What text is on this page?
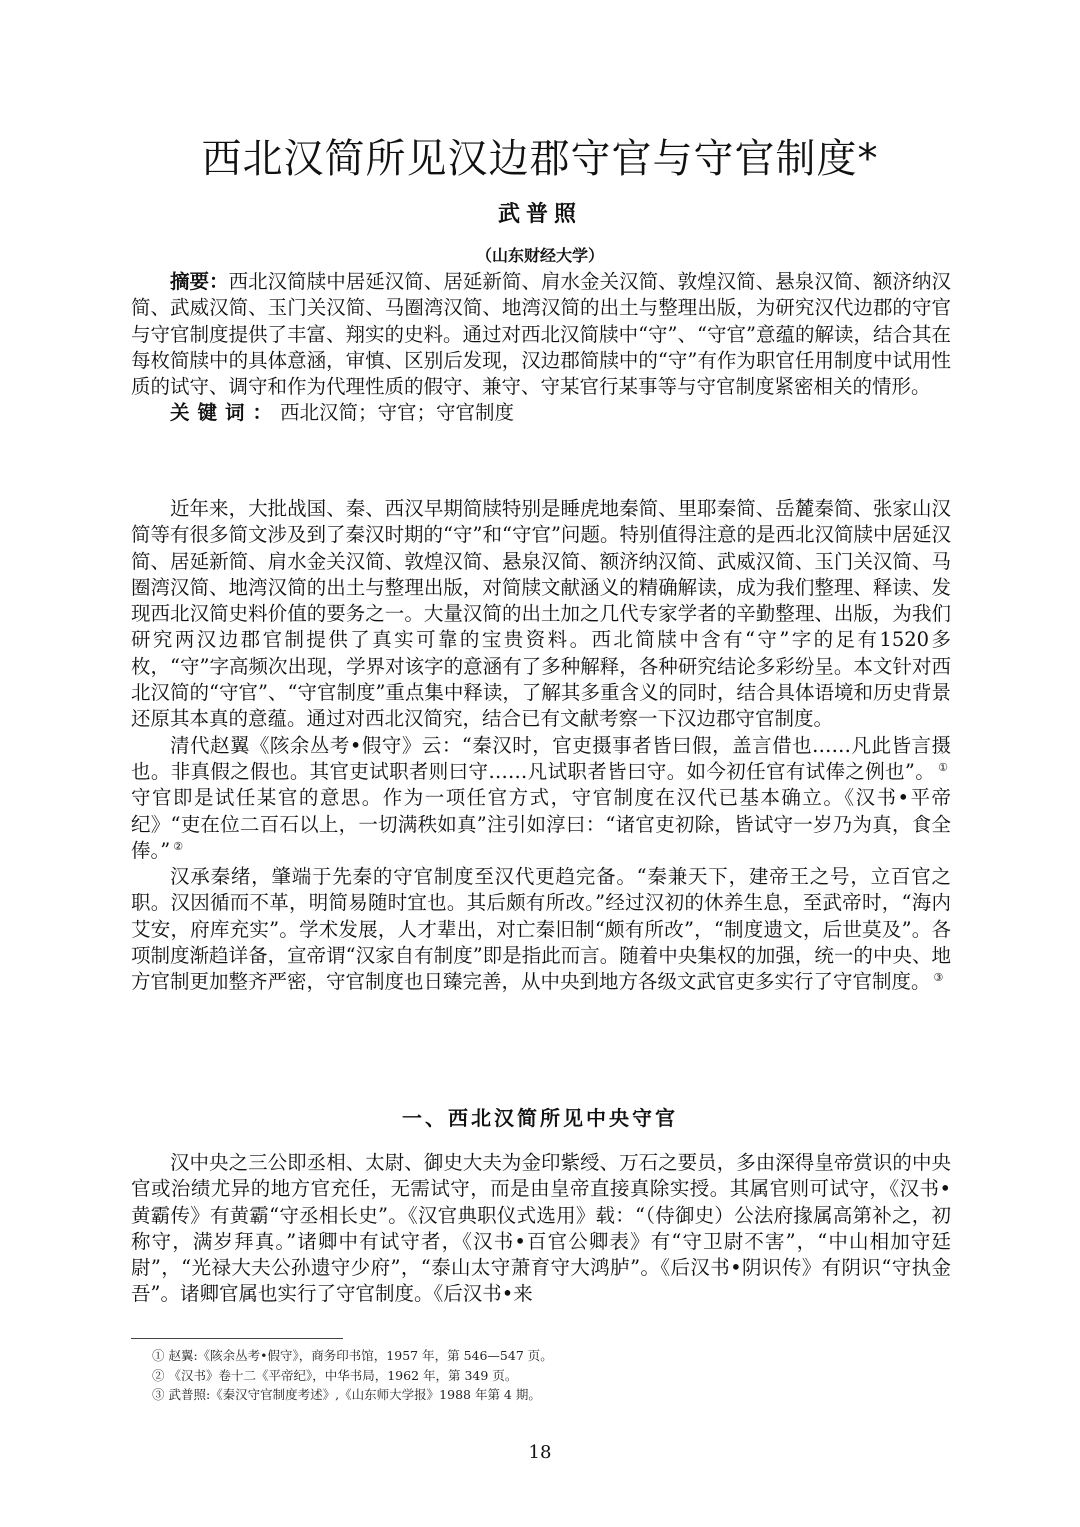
西北汉简所见汉边郡守官与守官制度*
武普照
（山东财经大学）

摘要：西北汉简牍中居延汉简、居延新简、肩水金关汉简、敦煌汉简、悬泉汉简、额济纳汉简、武威汉简、玉门关汉简、马圈湾汉简、地湾汉简的出土与整理出版，为研究汉代边郡的守官与守官制度提供了丰富、翔实的史料。通过对西北汉简牍中“守”、“守官”意蕴的解读，结合其在每枚简牍中的具体意涵，审慎、区别后发现，汉边郡简牍中的“守”有作为职官任用制度中试用性质的试守、调守和作为代理性质的假守、兼守、守某官行某事等与守官制度紧密相关的情形。

关键词：西北汉简；守官；守官制度

近年来，大批战国、秦、西汉早期简牍特别是睡虎地秦简、里耶秦简、岳麓秦简、张家山汉简等有很多简文涉及到了秦汉时期的“守”和“守官”问题。特别值得注意的是西北汉简牍中居延汉简、居延新简、肩水金关汉简、敦煌汉简、悬泉汉简、额济纳汉简、武威汉简、玉门关汉简、马圈湾汉简、地湾汉简的出土与整理出版，对简牍文献涵义的精确解读，成为我们整理、释读、发现西北汉简史料价值的要务之一。大量汉简的出土加之几代专家学者的辛勤整理、出版，为我们研究两汉边郡官制提供了真实可靠的宝贵资料。西北简牍中含有“守”字的足有1520多枚，“守”字高频次出现，学界对该字的意涵有了多种解释，各种研究结论多彩纷呈。本文针对西北汉简的“守官”、“守官制度”重点集中释读，了解其多重含义的同时，结合具体语境和历史背景还原其本真的意蕴。通过对西北汉简究，结合已有文献考察一下汉边郡守官制度。

清代赵翼《陔余丛考•假守》云：“秦汉时，官吏摄事者皆曰假，盖言借也……凡此皆言摄也。非真假之假也。其官吏试职者则曰守……凡试职者皆曰守。如今初任官有试俸之例也”。 ①守官即是试任某官的意思。作为一项任官方式，守官制度在汉代已基本确立。《汉书•平帝纪》“吏在位二百石以上，一切满秩如真”注引如淳曰：“诸官吏初除，皆试守一岁乃为真，食全俸。” ②

汉承秦绪，肇端于先秦的守官制度至汉代更趋完备。“秦兼天下，建帝王之号，立百官之职。汉因循而不革，明简易随时宜也。其后颇有所改。”经过汉初的休养生息，至武帝时，“海内艾安，府库充实”。学术发展，人才辈出，对亡秦旧制“颇有所改”，“制度遗文，后世莫及”。各项制度渐趋详备，宣帝谓“汉家自有制度”即是指此而言。随着中央集权的加强，统一的中央、地方官制更加整齐严密，守官制度也日臻完善，从中央到地方各级文武官吏多实行了守官制度。 ③

一、西北汉简所见中央守官

汉中央之三公即丞相、太尉、御史大夫为金印紫绶、万石之要员，多由深得皇帝赏识的中央官或治绩尤异的地方官充任，无需试守，而是由皇帝直接真除实授。其属官则可试守，《汉书•黄霸传》有黄霸“守丞相长史”。《汉官典职仪式选用》载：“（侍御史）公法府掾属高第补之，初称守，满岁拜真。”诸卿中有试守者，《汉书•百官公卿表》有“守卫尉不害”，“中山相加守廷尉”，“光禄大夫公孙遗守少府”，“泰山太守萧育守大鸿胪”。《后汉书•阴识传》有阴识“守执金吾”。诸卿官属也实行了守官制度。《后汉书•来

① 赵翼:《陔余丛考•假守》，商务印书馆，1957 年，第 546—547 页。
② 《汉书》卷十二《平帝纪》，中华书局，1962 年，第 349 页。
③ 武普照:《秦汉守官制度考述》,《山东师大学报》1988 年第 4 期。
18
